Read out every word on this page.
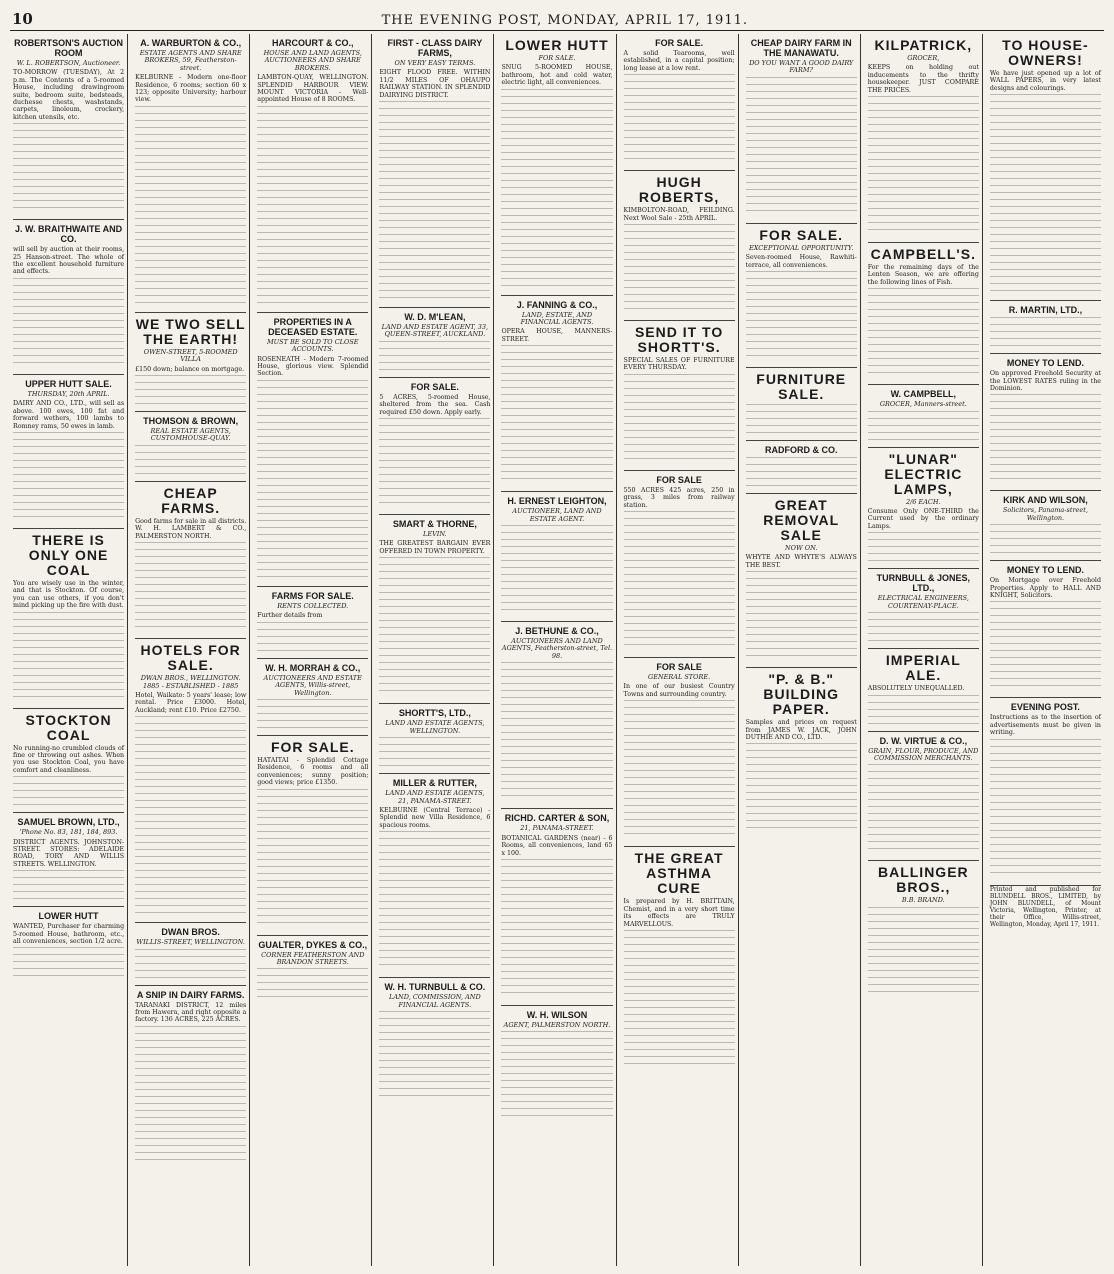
10	THE EVENING POST, MONDAY, APRIL 17, 1911.

ROBERTSON'S AUCTION ROOM
W. L. ROBERTSON, Auctioneer.
TO-MORROW (TUESDAY), At 2 p.m. The Contents of a 5-roomed House, including drawingroom suite, bedroom suite, bedsteads, duchesse chests, washstands, carpets, linoleum, crockery, kitchen utensils, etc.
J. W. BRAITHWAITE AND CO.
will sell by auction at their rooms, 25 Hanson-street. The whole of the excellent household furniture and effects.
UPPER HUTT SALE.
THURSDAY, 20th APRIL.
DAIRY AND CO., LTD., will sell as above. 100 ewes, 100 fat and forward wethers, 100 lambs to Romney rams, 50 ewes in lamb.
THERE IS ONLY ONE COAL
You are wisely use in the winter, and that is Stockton. Of course, you can use others, if you don't mind picking up the fire with dust.
STOCKTON COAL
No running-no crumbled clouds of fine or throwing out ashes. When you use Stockton Coal, you have comfort and cleanliness.
SAMUEL BROWN, LTD.,
'Phone No. 83, 181, 184, 893.
DISTRICT AGENTS. JOHNSTON-STREET. STORES: ADELAIDE ROAD, TORY AND WILLIS STREETS. WELLINGTON.
LOWER HUTT
WANTED, Purchaser for charming 5-roomed House, bathroom, etc., all conveniences, section 1/2 acre.
A. WARBURTON & CO.,
ESTATE AGENTS AND SHARE BROKERS, 59, Featherston-street.
KELBURNE - Modern one-floor Residence, 6 rooms; section 60 x 123; opposite University; harbour view.
WE TWO SELL THE EARTH!
OWEN-STREET, 5-ROOMED VILLA
£150 down; balance on mortgage.
THOMSON & BROWN,
REAL ESTATE AGENTS, CUSTOMHOUSE-QUAY.
CHEAP FARMS.
Good farms for sale in all districts. W. H. LAMBERT & CO., PALMERSTON NORTH.
HOTELS FOR SALE.
DWAN BROS., WELLINGTON. 1885 - ESTABLISHED - 1885
Hotel, Waikato: 5 years' lease; low rental. Price £3000. Hotel, Auckland; rent £10. Price £2750.
DWAN BROS.
WILLIS-STREET, WELLINGTON.
A SNIP IN DAIRY FARMS.
TARANAKI DISTRICT, 12 miles from Hawera, and right opposite a factory. 136 ACRES, 225 ACRES.
HARCOURT & CO.,
HOUSE AND LAND AGENTS, AUCTIONEERS AND SHARE BROKERS.
LAMBTON-QUAY, WELLINGTON. SPLENDID HARBOUR VIEW. MOUNT VICTORIA - Well-appointed House of 8 ROOMS.
PROPERTIES IN A DECEASED ESTATE.
MUST BE SOLD TO CLOSE ACCOUNTS.
ROSENEATH - Modern 7-roomed House, glorious view. Splendid Section.
FARMS FOR SALE.
RENTS COLLECTED.
Further details from
W. H. MORRAH & CO.,
AUCTIONEERS AND ESTATE AGENTS, Willis-street, Wellington.
FOR SALE.
HATAITAI - Splendid Cottage Residence, 6 rooms and all conveniences; sunny position; good views; price £1350.
GUALTER, DYKES & CO.,
CORNER FEATHERSTON AND BRANDON STREETS.
FIRST - CLASS DAIRY FARMS,
ON VERY EASY TERMS.
EIGHT FLOOD FREE. WITHIN 11/2 MILES OF OHAUPO RAILWAY STATION. IN SPLENDID DAIRYING DISTRICT.
W. D. M'LEAN,
LAND AND ESTATE AGENT, 33, QUEEN-STREET, AUCKLAND.
FOR SALE.
5 ACRES, 5-roomed House, sheltered from the sea. Cash required £50 down. Apply early.
SMART & THORNE,
LEVIN.
THE GREATEST BARGAIN EVER OFFERED IN TOWN PROPERTY.
SHORTT'S, LTD.,
LAND AND ESTATE AGENTS, WELLINGTON.
MILLER & RUTTER,
LAND AND ESTATE AGENTS, 21, PANAMA-STREET.
KELBURNE (Central Terrace) - Splendid new Villa Residence, 6 spacious rooms.
W. H. TURNBULL & CO.
LAND, COMMISSION, AND FINANCIAL AGENTS.
LOWER HUTT
FOR SALE.
SNUG 5-ROOMED HOUSE, bathroom, hot and cold water, electric light, all conveniences.
J. FANNING & CO.,
LAND, ESTATE, AND FINANCIAL AGENTS.
OPERA HOUSE, MANNERS-STREET.
H. ERNEST LEIGHTON,
AUCTIONEER, LAND AND ESTATE AGENT.
J. BETHUNE & CO.,
AUCTIONEERS AND LAND AGENTS, Featherston-street, Tel. 98.
RICHD. CARTER & SON,
21, PANAMA-STREET.
BOTANICAL GARDENS (near) - 6 Rooms, all conveniences, land 65 x 100.
W. H. WILSON
AGENT, PALMERSTON NORTH.
FOR SALE.
A solid Tearooms, well established, in a capital position; long lease at a low rent.
HUGH ROBERTS,
KIMBOLTON-ROAD, FEILDING. Next Wool Sale - 25th APRIL.
SEND IT TO SHORTT'S.
SPECIAL SALES OF FURNITURE EVERY THURSDAY.
FOR SALE
550 ACRES 425 acres, 250 in grass, 3 miles from railway station.
FOR SALE
GENERAL STORE.
In one of our busiest Country Towns and surrounding country.
THE GREAT ASTHMA CURE
Is prepared by H. BRITTAIN, Chemist, and in a very short time its effects are TRULY MARVELLOUS.
CHEAP DAIRY FARM IN THE MANAWATU.
DO YOU WANT A GOOD DAIRY FARM?
FOR SALE.
EXCEPTIONAL OPPORTUNITY.
Seven-roomed House, Rawhiti-terrace, all conveniences.
FURNITURE SALE.
RADFORD & CO.
GREAT REMOVAL SALE
NOW ON.
WHYTE AND WHYTE'S ALWAYS THE BEST.
"P. & B." BUILDING PAPER.
Samples and prices on request from JAMES W. JACK, JOHN DUTHIE AND CO., LTD.
KILPATRICK,
GROCER,
KEEPS on holding out inducements to the thrifty housekeeper. JUST COMPARE THE PRICES.
CAMPBELL'S.
For the remaining days of the Lenten Season, we are offering the following lines of Fish.
W. CAMPBELL,
GROCER, Manners-street.
"LUNAR" ELECTRIC LAMPS,
2/6 EACH.
Consume Only ONE-THIRD the Current used by the ordinary Lamps.
TURNBULL & JONES, LTD.,
ELECTRICAL ENGINEERS, COURTENAY-PLACE.
IMPERIAL ALE.
ABSOLUTELY UNEQUALLED.
D. W. VIRTUE & CO.,
GRAIN, FLOUR, PRODUCE, AND COMMISSION MERCHANTS.
BALLINGER BROS.,
B.B. BRAND.
TO HOUSE-OWNERS!
We have just opened up a lot of WALL PAPERS, in very latest designs and colourings.
R. MARTIN, LTD.,
MONEY TO LEND.
On approved Freehold Security at the LOWEST RATES ruling in the Dominion.
KIRK AND WILSON,
Solicitors, Panama-street, Wellington.
MONEY TO LEND.
On Mortgage over Freehold Properties. Apply to HALL AND KNIGHT, Solicitors.
EVENING POST.
Instructions as to the insertion of advertisements must be given in writing.
Printed and published for BLUNDELL BROS., LIMITED, by JOHN BLUNDELL, of Mount Victoria, Wellington, Printer, at their Office, Willis-street, Wellington, Monday, April 17, 1911.
